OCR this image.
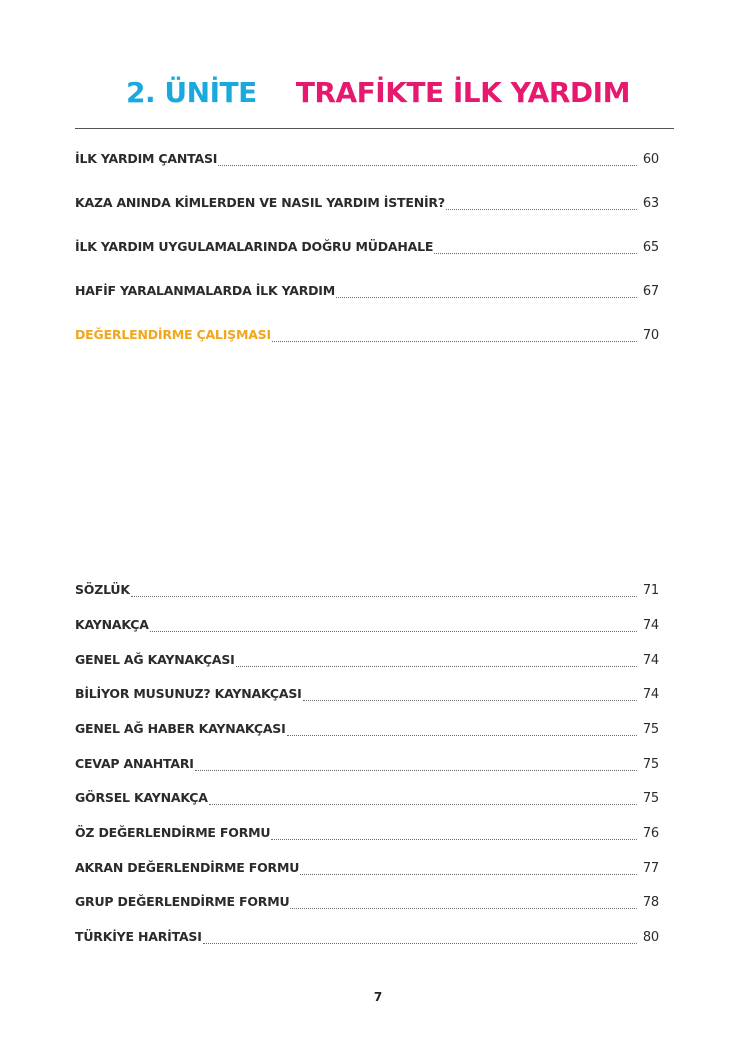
2. ÜNİTE TRAFİKTE İLK YARDIM
İLK YARDIM ÇANTASI	60
KAZA ANINDA KİMLERDEN VE NASIL YARDIM İSTENİR?	63
İLK YARDIM UYGULAMALARINDA DOĞRU MÜDAHALE	65
HAFİF YARALANMALARDA İLK YARDIM	67
DEĞERLENDİRME ÇALIŞMASI	70
SÖZLÜK	71
KAYNAKÇA	74
GENEL AĞ KAYNAKÇASI	74
BİLİYOR MUSUNUZ? KAYNAKÇASI	74
GENEL AĞ HABER KAYNAKÇASI	75
CEVAP ANAHTARI	75
GÖRSEL KAYNAKÇA	75
ÖZ DEĞERLENDİRME FORMU	76
AKRAN DEĞERLENDİRME FORMU	77
GRUP DEĞERLENDİRME FORMU	78
TÜRKİYE HARİTASI	80
7
